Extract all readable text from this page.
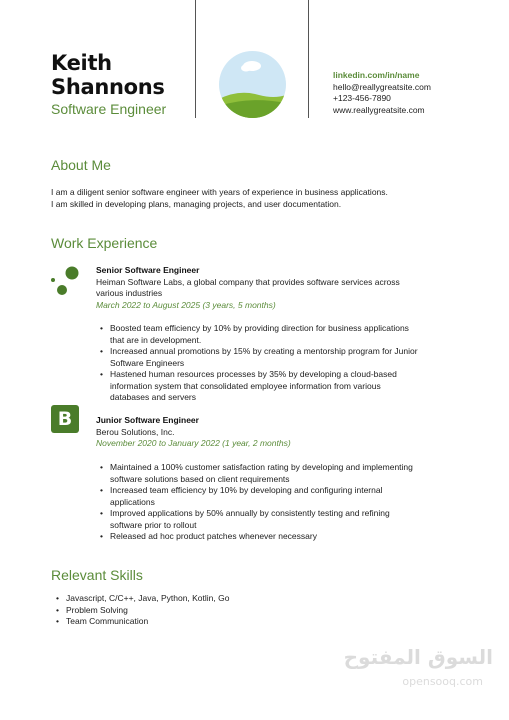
Keith
Shannons
Software Engineer
linkedin.com/in/name
hello@reallygreatsite.com
+123-456-7890
www.reallygreatsite.com
About Me
I am a diligent senior software engineer with years of experience in business applications.
I am skilled in developing plans, managing projects, and user documentation.
Work Experience
Senior Software Engineer
Heiman Software Labs, a global company that provides software services across
various industries
March 2022 to August 2025 (3 years, 5 months)
• Boosted team efficiency by 10% by providing direction for business applications
that are in development.
• Increased annual promotions by 15% by creating a mentorship program for Junior
Software Engineers
• Hastened human resources processes by 35% by developing a cloud-based
information system that consolidated employee information from various
databases and servers
B	Junior Software Engineer
Berou Solutions, Inc.
November 2020 to January 2022 (1 year, 2 months)
• Maintained a 100% customer satisfaction rating by developing and implementing
software solutions based on client requirements
• Increased team efficiency by 10% by developing and configuring internal
applications
• Improved applications by 50% annually by consistently testing and refining
software prior to rollout
• Released ad hoc product patches whenever necessary
Relevant Skills
• Javascript, C/C++, Java, Python, Kotlin, Go
• Problem Solving
• Team Communication
السوق المفتوح
opensooq.com
